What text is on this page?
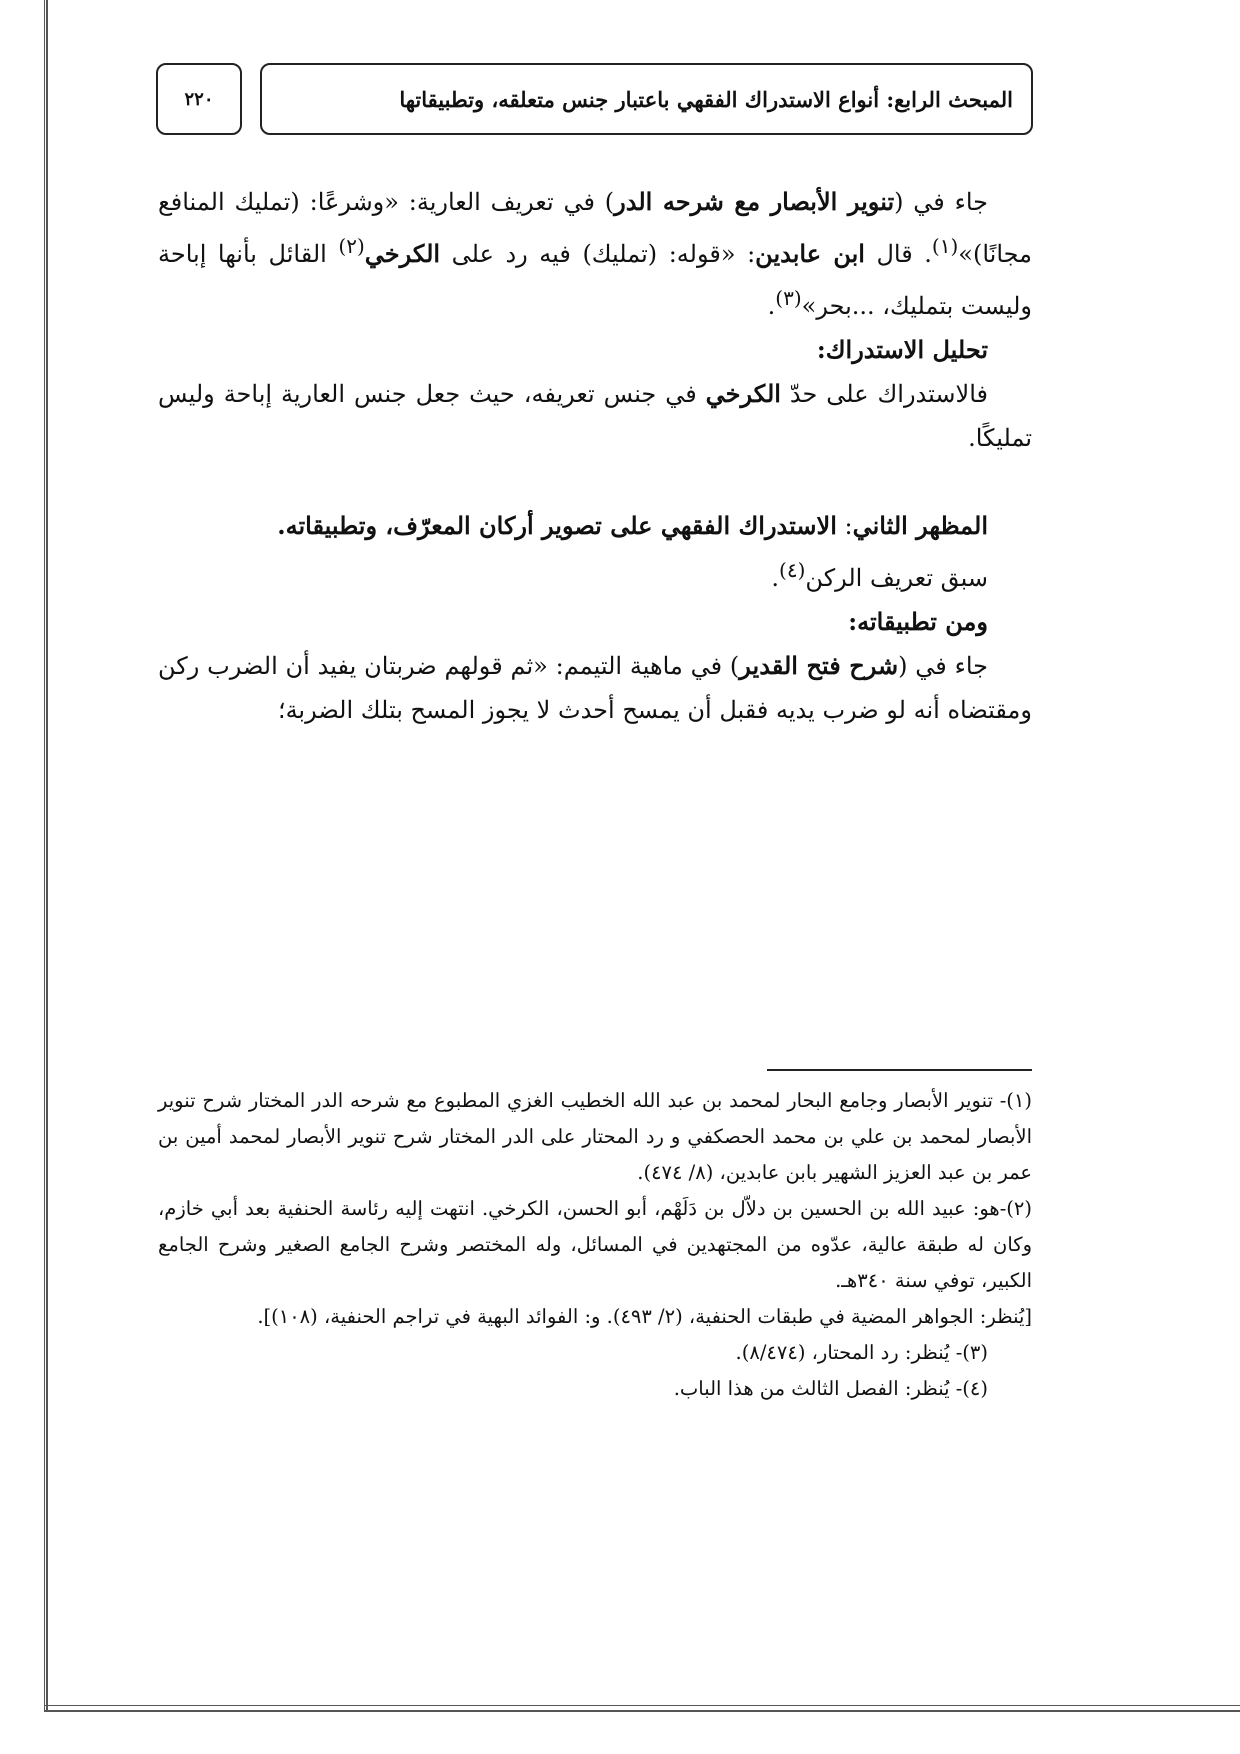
٢٢٠	المبحث الرابع: أنواع الاستدراك الفقهي باعتبار جنس متعلقه، وتطبيقاتها

جاء في (تنوير الأبصار مع شرحه الدر) في تعريف العارية: «وشرعًا: (تمليك المنافع مجانًا)»$^{(١)}$. قال ابن عابدين: «قوله: (تمليك) فيه رد على الكرخي$^{(٢)}$ القائل بأنها إباحة وليست بتمليك، ...بحر»$^{(٣)}$.

تحليل الاستدراك:

فالاستدراك على حدّ الكرخي في جنس تعريفه، حيث جعل جنس العارية إباحة وليس تمليكًا.

المظهر الثاني: الاستدراك الفقهي على تصوير أركان المعرّف، وتطبيقاته.

سبق تعريف الركن$^{(٤)}$.

ومن تطبيقاته:

جاء في (شرح فتح القدير) في ماهية التيمم: «ثم قولهم ضربتان يفيد أن الضرب ركن ومقتضاه أنه لو ضرب يديه فقبل أن يمسح أحدث لا يجوز المسح بتلك الضربة؛

(١)- تنوير الأبصار وجامع البحار لمحمد بن عبد الله الخطيب الغزي المطبوع مع شرحه الدر المختار شرح تنوير الأبصار لمحمد بن علي بن محمد الحصكفي و رد المحتار على الدر المختار شرح تنوير الأبصار لمحمد أمين بن عمر بن عبد العزيز الشهير بابن عابدين، (٨/ ٤٧٤).

(٢)-هو: عبيد الله بن الحسين بن دلاّل بن دَلَهْم، أبو الحسن، الكرخي. انتهت إليه رئاسة الحنفية بعد أبي خازم، وكان له طبقة عالية، عدّوه من المجتهدين في المسائل، وله المختصر وشرح الجامع الصغير وشرح الجامع الكبير، توفي سنة ٣٤٠هـ.

[يُنظر: الجواهر المضية في طبقات الحنفية، (٢/ ٤٩٣). و: الفوائد البهية في تراجم الحنفية، (١٠٨)].

(٣)- يُنظر: رد المحتار، (٨/٤٧٤).

(٤)- يُنظر: الفصل الثالث من هذا الباب.
